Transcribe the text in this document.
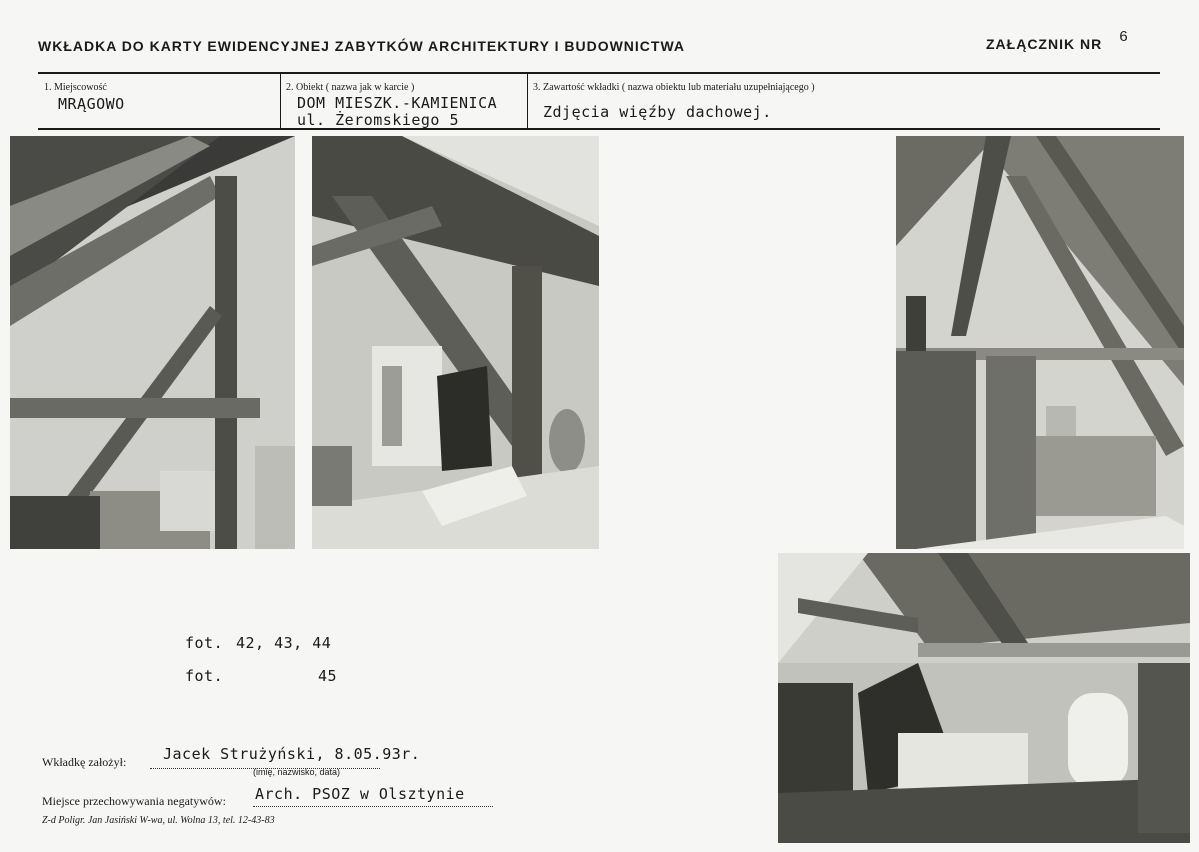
WKŁADKA DO KARTY EWIDENCYJNEJ ZABYTKÓW ARCHITEKTURY I BUDOWNICTWA	ZAŁĄCZNIK NR 6
1. Miejscowość
MRĄGOWO
2. Obiekt ( nazwa jak w karcie )
DOM MIESZK.-KAMIENICA
ul. Żeromskiego 5
3. Zawartość wkładki ( nazwa obiektu lub materiału uzupełniającego )
Zdjęcia więźby dachowej.
fot. 42, 43, 44
fot.	45
Wkładkę założył: Jacek Strużyński, 8.05.93r.
(imię, nazwisko, data)
Miejsce przechowywania negatywów: Arch. PSOZ w Olsztynie
Z-d Poligr. Jan Jasiński W-wa, ul. Wolna 13, tel. 12-43-83
